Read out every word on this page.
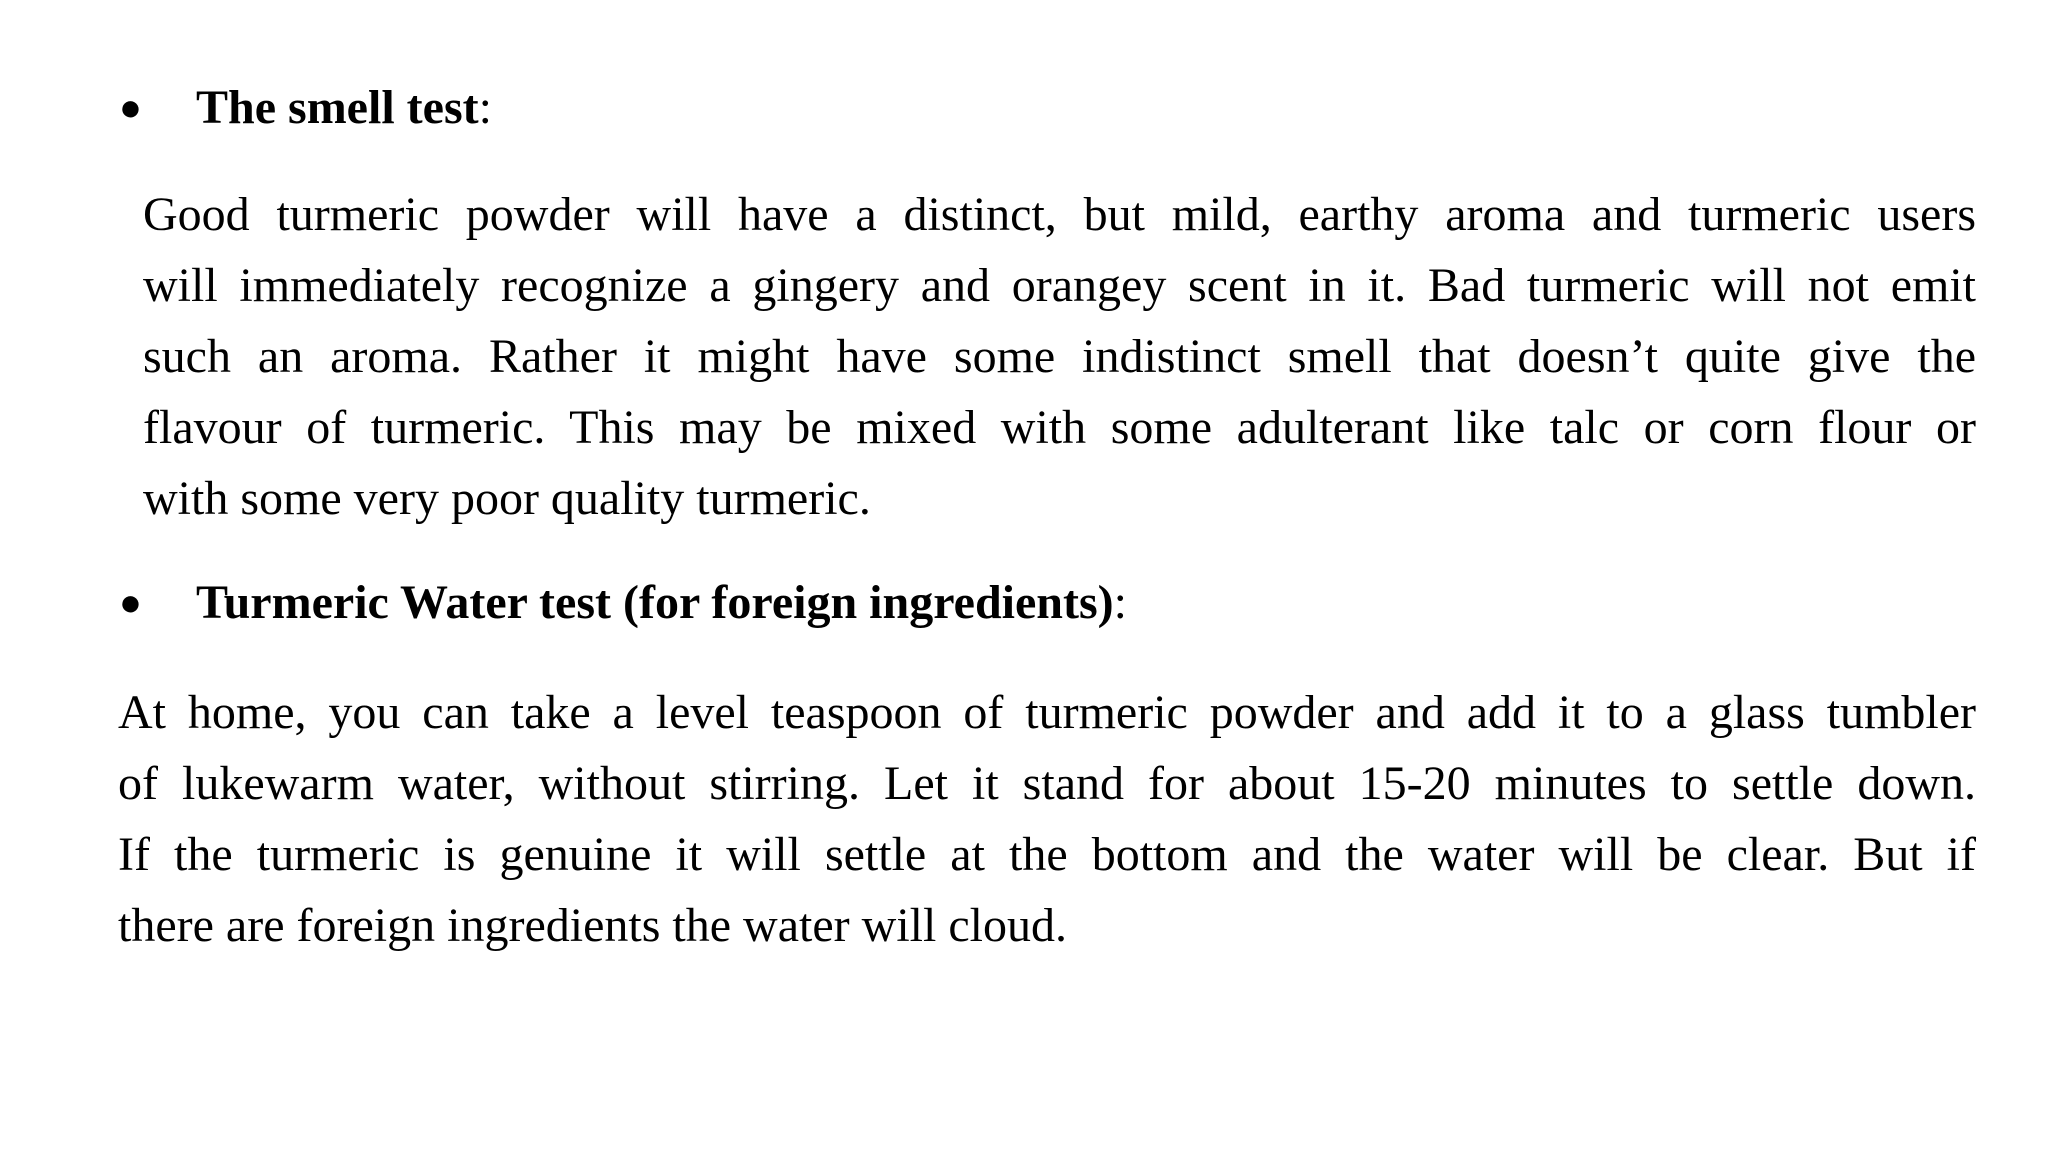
● The smell test:
Good turmeric powder will have a distinct, but mild, earthy aroma and turmeric users
will immediately recognize a gingery and orangey scent in it. Bad turmeric will not emit
such an aroma. Rather it might have some indistinct smell that doesn’t quite give the
flavour of turmeric. This may be mixed with some adulterant like talc or corn flour or
with some very poor quality turmeric.
● Turmeric Water test (for foreign ingredients):
At home, you can take a level teaspoon of turmeric powder and add it to a glass tumbler
of lukewarm water, without stirring. Let it stand for about 15-20 minutes to settle down.
If the turmeric is genuine it will settle at the bottom and the water will be clear. But if
there are foreign ingredients the water will cloud.
